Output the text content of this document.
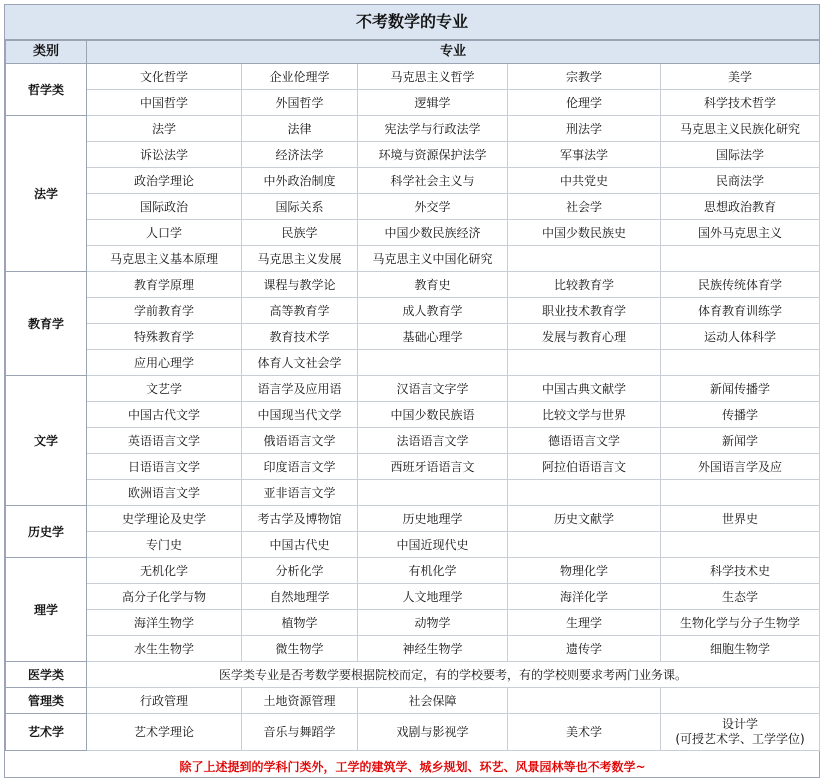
不考数学的专业
类别	专业				
哲学类	文化哲学	企业伦理学	马克思主义哲学	宗教学	美学
	中国哲学	外国哲学	逻辑学	伦理学	科学技术哲学
法学	法学	法律	宪法学与行政法学	刑法学	马克思主义民族化研究
	诉讼法学	经济法学	环境与资源保护法学	军事法学	国际法学
	政治学理论	中外政治制度	科学社会主义与	中共党史	民商法学
	国际政治	国际关系	外交学	社会学	思想政治教育
	人口学	民族学	中国少数民族经济	中国少数民族史	国外马克思主义
	马克思主义基本原理	马克思主义发展	马克思主义中国化研究		
教育学	教育学原理	课程与教学论	教育史	比较教育学	民族传统体育学
	学前教育学	高等教育学	成人教育学	职业技术教育学	体育教育训练学
	特殊教育学	教育技术学	基础心理学	发展与教育心理	运动人体科学
	应用心理学	体育人文社会学			
文学	文艺学	语言学及应用语	汉语言文字学	中国古典文献学	新闻传播学
	中国古代文学	中国现当代文学	中国少数民族语	比较文学与世界	传播学
	英语语言文学	俄语语言文学	法语语言文学	德语语言文学	新闻学
	日语语言文学	印度语言文学	西班牙语语言文	阿拉伯语语言文	外国语言学及应
	欧洲语言文学	亚非语言文学			
历史学	史学理论及史学	考古学及博物馆	历史地理学	历史文献学	世界史
	专门史	中国古代史	中国近现代史		
理学	无机化学	分析化学	有机化学	物理化学	科学技术史
	高分子化学与物	自然地理学	人文地理学	海洋化学	生态学
	海洋生物学	植物学	动物学	生理学	生物化学与分子生物学
	水生生物学	微生物学	神经生物学	遗传学	细胞生物学
医学类	医学类专业是否考数学要根据院校而定，有的学校要考，有的学校则要求考两门业务课。				
管理类	行政管理	土地资源管理	社会保障		
艺术学	艺术学理论	音乐与舞蹈学	戏剧与影视学	美术学	设计学
(可授艺术学、工学学位)

除了上述提到的学科门类外，工学的建筑学、城乡规划、环艺、风景园林等也不考数学~					
